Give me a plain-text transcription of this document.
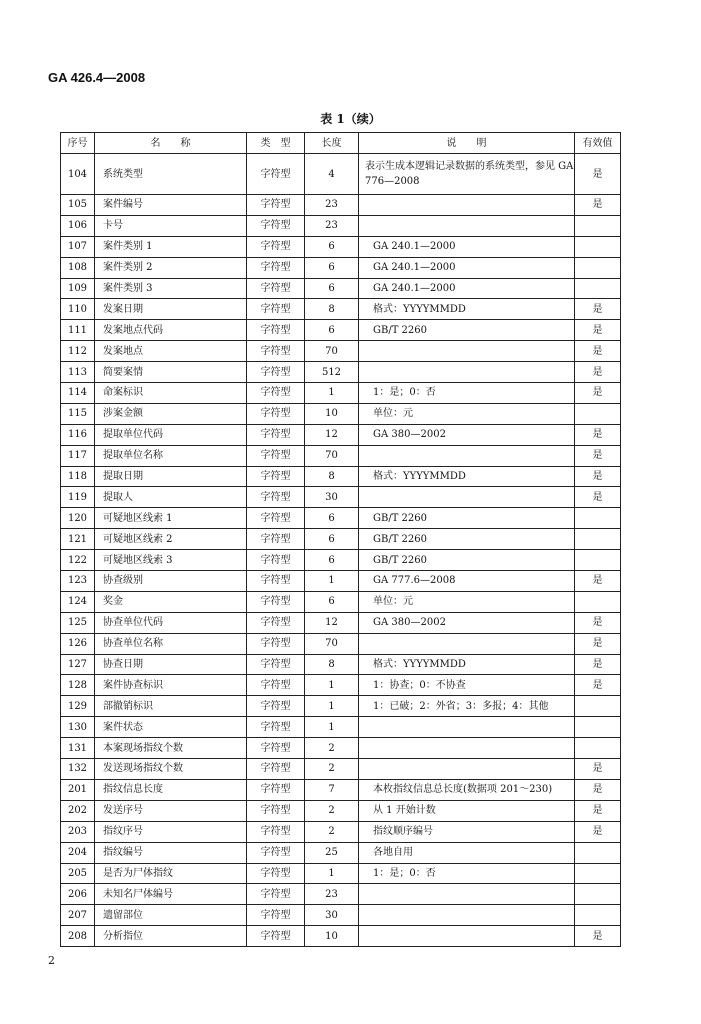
GA 426.4—2008
表 1（续）
序号	名　　称	类　型	长度	说　　明	有效值
104	系统类型	字符型	4	表示生成本逻辑记录数据的系统类型，参见 GA 776—2008	是
105	案件编号	字符型	23		是
106	卡号	字符型	23		
107	案件类别 1	字符型	6	GA 240.1—2000	
108	案件类别 2	字符型	6	GA 240.1—2000	
109	案件类别 3	字符型	6	GA 240.1—2000	
110	发案日期	字符型	8	格式：YYYYMMDD	是
111	发案地点代码	字符型	6	GB/T 2260	是
112	发案地点	字符型	70		是
113	简要案情	字符型	512		是
114	命案标识	字符型	1	1：是；0：否	是
115	涉案金额	字符型	10	单位：元	
116	提取单位代码	字符型	12	GA 380—2002	是
117	提取单位名称	字符型	70		是
118	提取日期	字符型	8	格式：YYYYMMDD	是
119	提取人	字符型	30		是
120	可疑地区线索 1	字符型	6	GB/T 2260	
121	可疑地区线索 2	字符型	6	GB/T 2260	
122	可疑地区线索 3	字符型	6	GB/T 2260	
123	协查级别	字符型	1	GA 777.6—2008	是
124	奖金	字符型	6	单位：元	
125	协查单位代码	字符型	12	GA 380—2002	是
126	协查单位名称	字符型	70		是
127	协查日期	字符型	8	格式：YYYYMMDD	是
128	案件协查标识	字符型	1	1：协查；0：不协查	是
129	部撤销标识	字符型	1	1：已破；2：外省；3：多报；4：其他	
130	案件状态	字符型	1		
131	本案现场指纹个数	字符型	2		
132	发送现场指纹个数	字符型	2		是
201	指纹信息长度	字符型	7	本枚指纹信息总长度(数据项 201～230)	是
202	发送序号	字符型	2	从 1 开始计数	是
203	指纹序号	字符型	2	指纹顺序编号	是
204	指纹编号	字符型	25	各地自用	
205	是否为尸体指纹	字符型	1	1：是；0：否	
206	未知名尸体编号	字符型	23		
207	遗留部位	字符型	30		
208	分析指位	字符型	10		是
2
